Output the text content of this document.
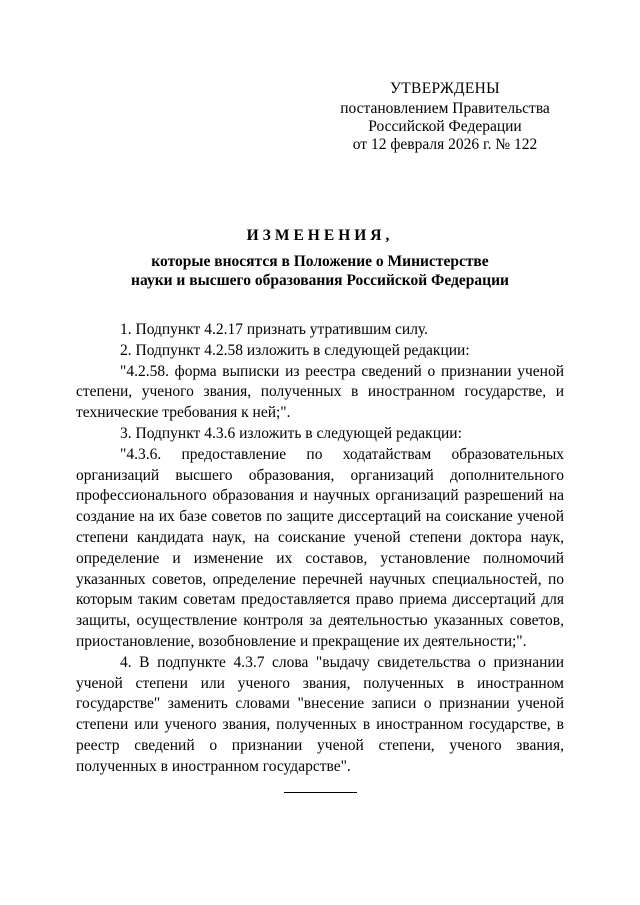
УТВЕРЖДЕНЫ
постановлением Правительства
Российской Федерации
от 12 февраля 2026 г. № 122
ИЗМЕНЕНИЯ,
которые вносятся в Положение о Министерстве
науки и высшего образования Российской Федерации

1. Подпункт 4.2.17 признать утратившим силу.

2. Подпункт 4.2.58 изложить в следующей редакции:

"4.2.58. форма выписки из реестра сведений о признании ученой степени, ученого звания, полученных в иностранном государстве, и технические требования к ней;".

3. Подпункт 4.3.6 изложить в следующей редакции:

"4.3.6. предоставление по ходатайствам образовательных организаций высшего образования, организаций дополнительного профессионального образования и научных организаций разрешений на создание на их базе советов по защите диссертаций на соискание ученой степени кандидата наук, на соискание ученой степени доктора наук, определение и изменение их составов, установление полномочий указанных советов, определение перечней научных специальностей, по которым таким советам предоставляется право приема диссертаций для защиты, осуществление контроля за деятельностью указанных советов, приостановление, возобновление и прекращение их деятельности;".

4. В подпункте 4.3.7 слова "выдачу свидетельства о признании ученой степени или ученого звания, полученных в иностранном государстве" заменить словами "внесение записи о признании ученой степени или ученого звания, полученных в иностранном государстве, в реестр сведений о признании ученой степени, ученого звания, полученных в иностранном государстве".
